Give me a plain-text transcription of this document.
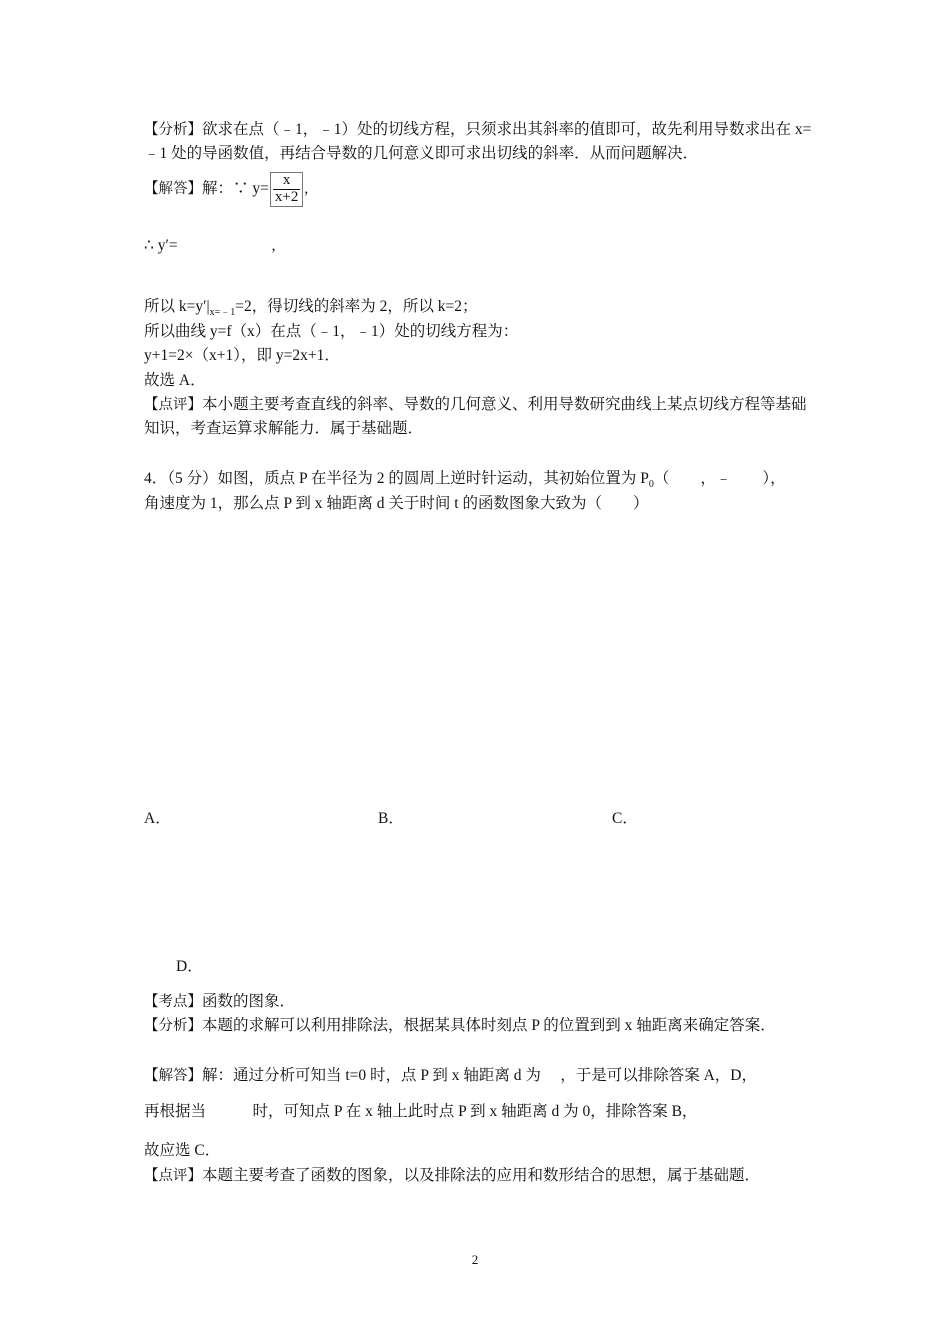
【分析】欲求在点（﹣1，﹣1）处的切线方程，只须求出其斜率的值即可，故先利用导数求出在 x=﹣1 处的导函数值，再结合导数的几何意义即可求出切线的斜率．从而问题解决．
【解答】解：∵ $y= \frac{x}{x+2}$ ,
∴ y′=	,
所以 $k=y'|_{x=﹣1}=2$，得切线的斜率为 2，所以 k=2；
所以曲线 y=f（x）在点（﹣1，﹣1）处的切线方程为：
y+1=2×（x+1），即 y=2x+1．
故选 A．
【点评】本小题主要考查直线的斜率、导数的几何意义、利用导数研究曲线上某点切线方程等基础知识，考查运算求解能力．属于基础题．
4．（5 分）如图，质点 P 在半径为 2 的圆周上逆时针运动，其初始位置为 $P_0$（　　，﹣　　），
角速度为 1，那么点 P 到 x 轴距离 d 关于时间 t 的函数图象大致为（　　）
A．	B．	C．
D．
【考点】函数的图象．
【分析】本题的求解可以利用排除法，根据某具体时刻点 P 的位置到到 x 轴距离来确定答案．
【解答】解：通过分析可知当 t=0 时，点 P 到 x 轴距离 d 为　 ，于是可以排除答案 A，D，
再根据当　　　时，可知点 P 在 x 轴上此时点 P 到 x 轴距离 d 为 0，排除答案 B，
故应选 C．
【点评】本题主要考查了函数的图象，以及排除法的应用和数形结合的思想，属于基础题．
2
